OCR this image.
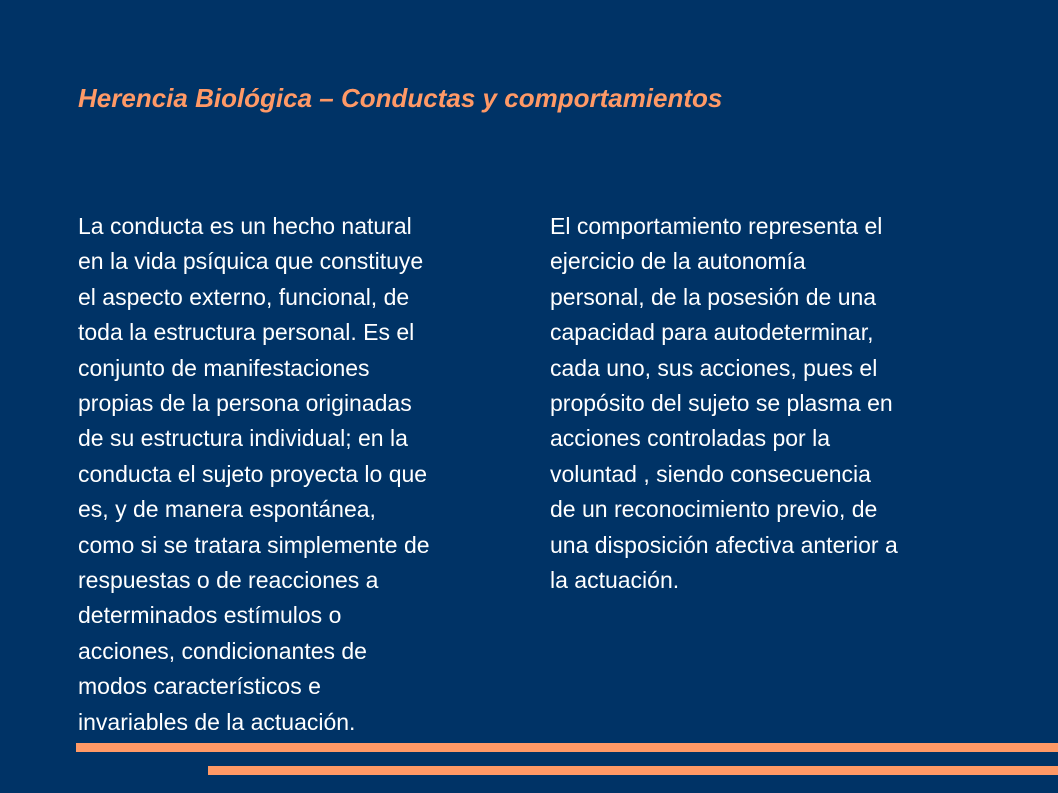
Herencia Biológica – Conductas y comportamientos
La conducta es un hecho natural
en la vida psíquica que constituye
el aspecto externo, funcional, de
toda la estructura personal. Es el
conjunto de manifestaciones
propias de la persona originadas
de su estructura individual; en la
conducta el sujeto proyecta lo que
es, y de manera espontánea,
como si se tratara simplemente de
respuestas o de reacciones a
determinados estímulos o
acciones, condicionantes de
modos característicos e
invariables de la actuación.
El comportamiento representa el
ejercicio de la autonomía
personal, de la posesión de una
capacidad para autodeterminar,
cada uno, sus acciones, pues el
propósito del sujeto se plasma en
acciones controladas por la
voluntad , siendo consecuencia
de un reconocimiento previo, de
una disposición afectiva anterior a
la actuación.
